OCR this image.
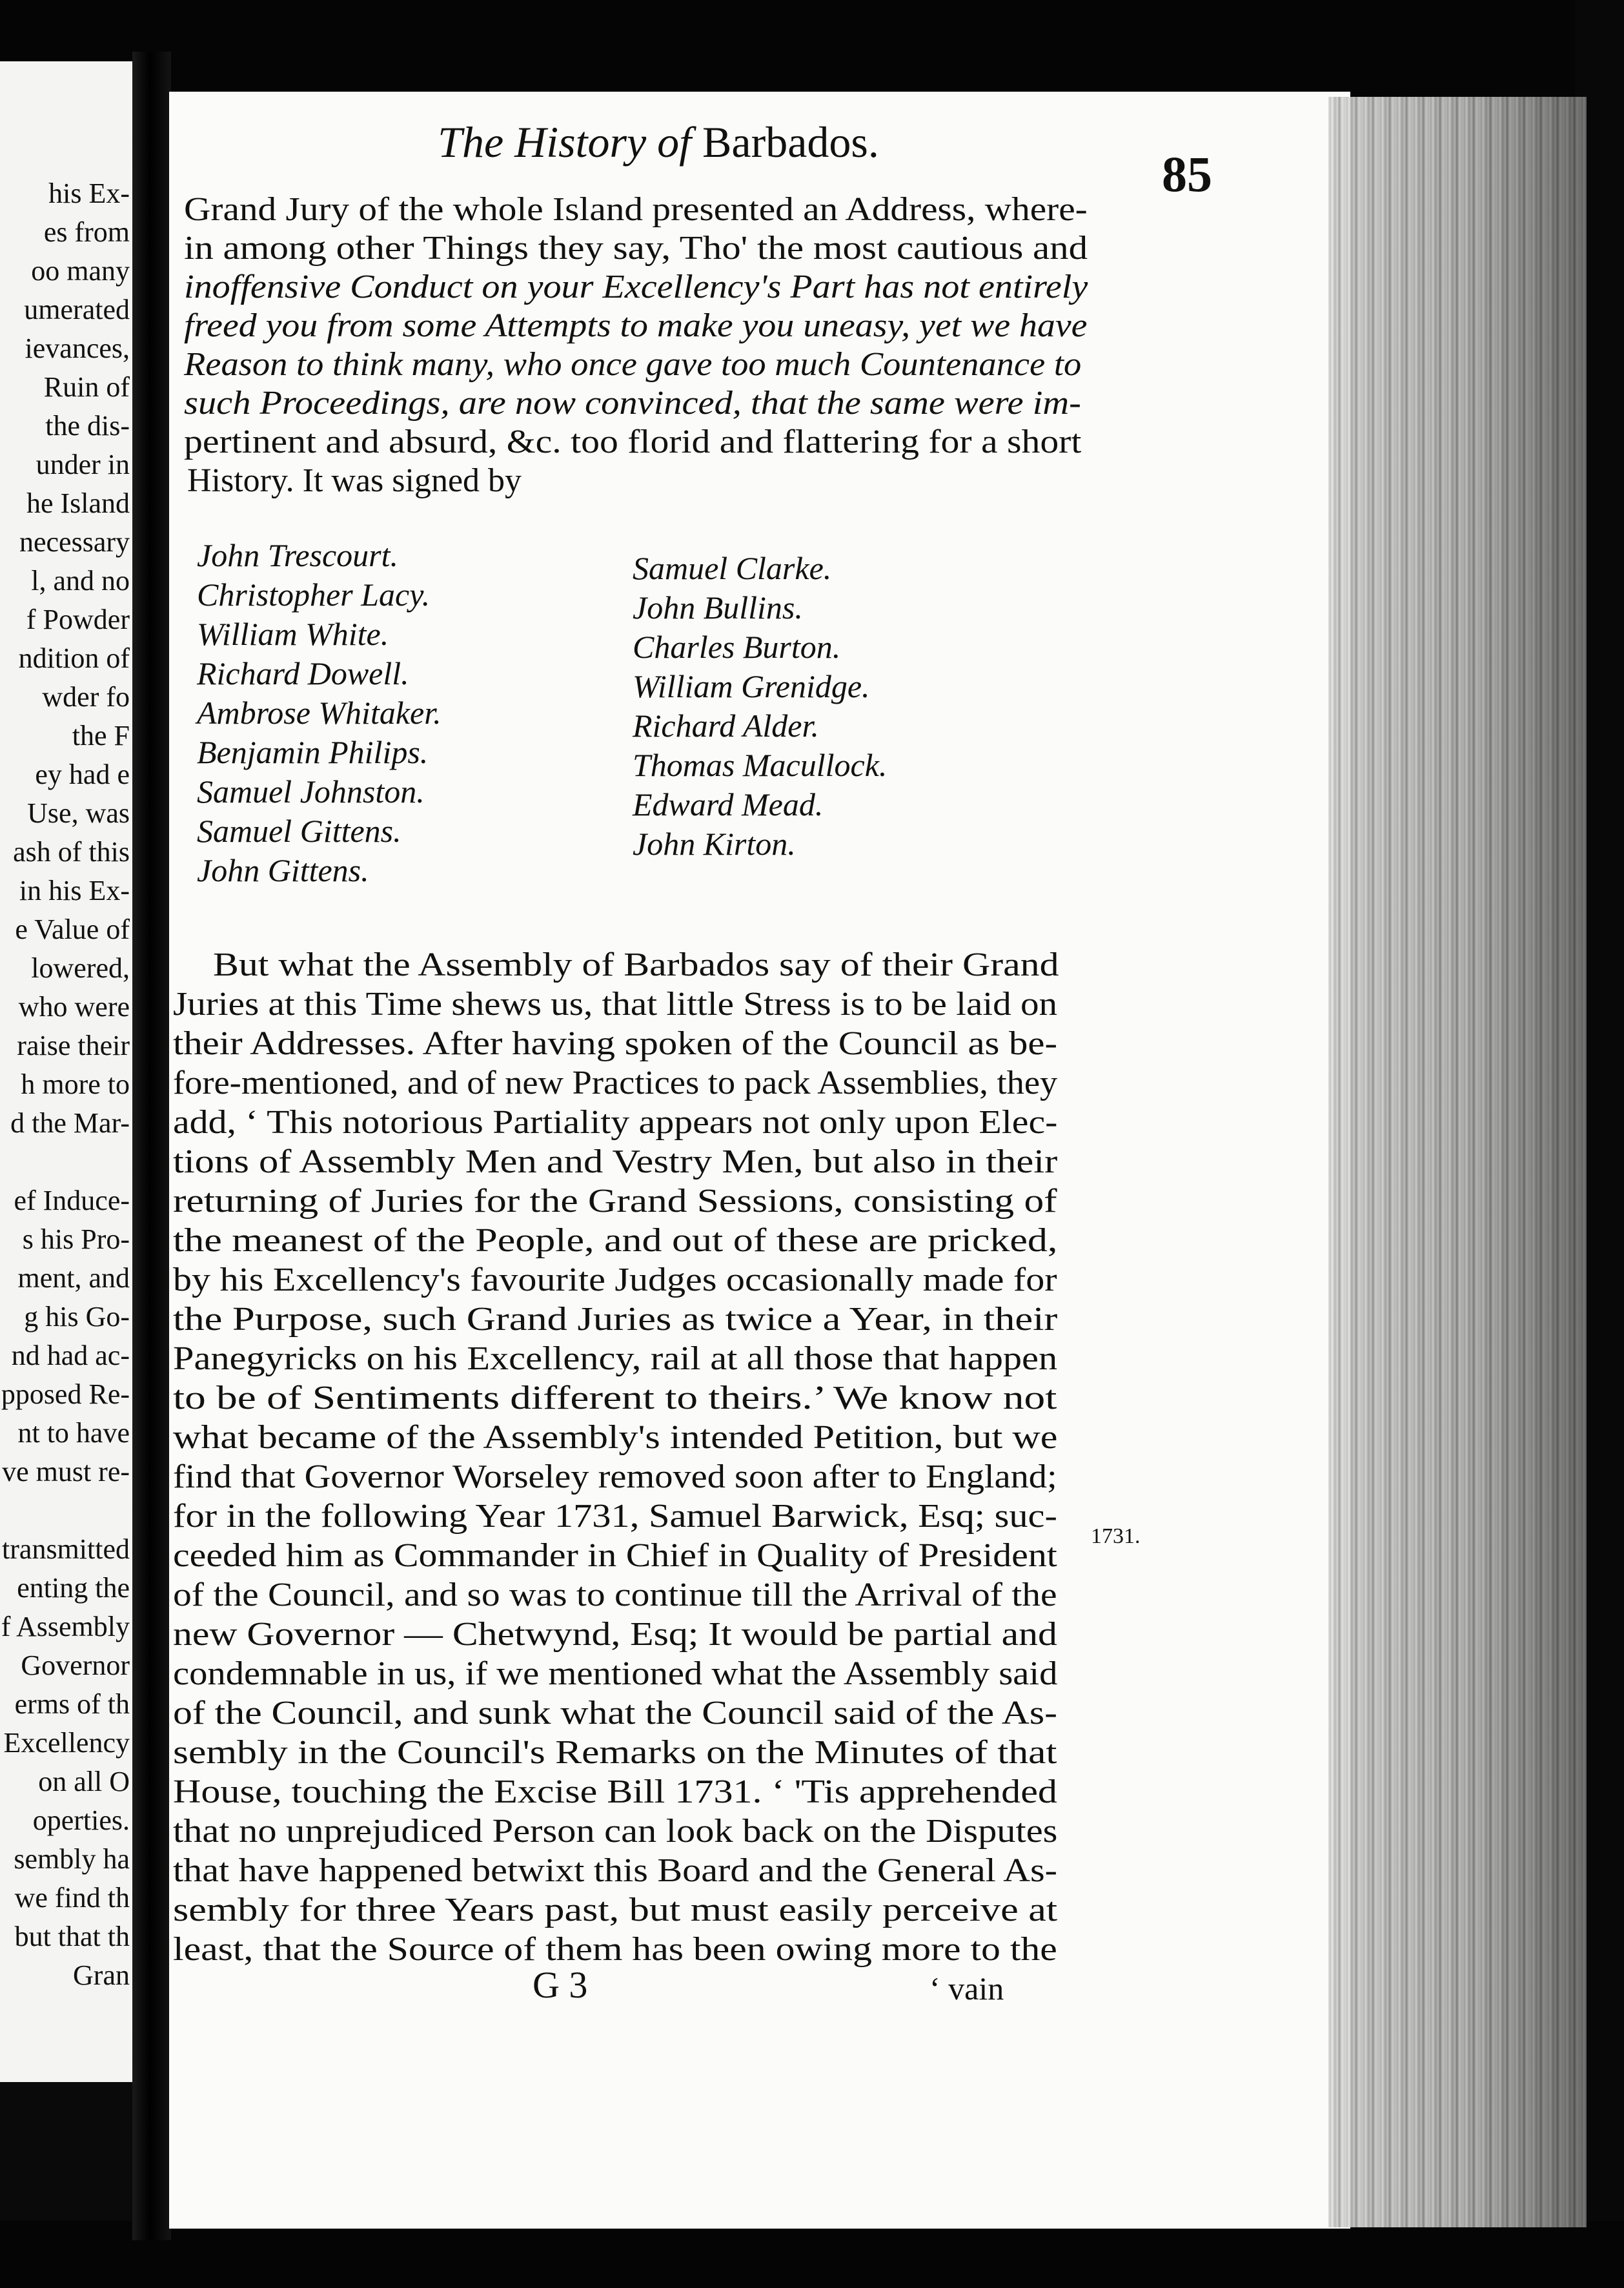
his Ex-
es from
oo many
umerated
ievances,
Ruin of
the dis-
under in
he Island
necessary
l, and no
f Powder
ndition of
wder fo
the F
ey had e
Use, was
ash of this
in his Ex-
e Value of
lowered,
who were
raise their
h more to
d the Mar-
ef Induce-
s his Pro-
ment, and
g his Go-
nd had ac-
pposed Re-
nt to have
ve must re-
transmitted
enting the
f Assembly
Governor
erms of th
Excellency
on all O
operties.
sembly ha
we find th
but that th
Gran
The History of Barbados.
85
Grand Jury of the whole Island presented an Address, where-
in among other Things they say, Tho' the most cautious and
inoffensive Conduct on your Excellency's Part has not entirely
freed you from some Attempts to make you uneasy, yet we have
Reason to think many, who once gave too much Countenance to
such Proceedings, are now convinced, that the same were im-
pertinent and absurd, &c. too florid and flattering for a short
History. It was signed by
John Trescourt.
Christopher Lacy.
William White.
Richard Dowell.
Ambrose Whitaker.
Benjamin Philips.
Samuel Johnston.
Samuel Gittens.
John Gittens.
Samuel Clarke.
John Bullins.
Charles Burton.
William Grenidge.
Richard Alder.
Thomas Macullock.
Edward Mead.
John Kirton.
But what the Assembly of Barbados say of their Grand
Juries at this Time shews us, that little Stress is to be laid on
their Addresses. After having spoken of the Council as be-
fore-mentioned, and of new Practices to pack Assemblies, they
add, ‘ This notorious Partiality appears not only upon Elec-
tions of Assembly Men and Vestry Men, but also in their
returning of Juries for the Grand Sessions, consisting of
the meanest of the People, and out of these are pricked,
by his Excellency's favourite Judges occasionally made for
the Purpose, such Grand Juries as twice a Year, in their
Panegyricks on his Excellency, rail at all those that happen
to be of Sentiments different to theirs.’ We know not
what became of the Assembly's intended Petition, but we
find that Governor Worseley removed soon after to England;
for in the following Year 1731, Samuel Barwick, Esq; suc-
ceeded him as Commander in Chief in Quality of President
of the Council, and so was to continue till the Arrival of the
new Governor — Chetwynd, Esq; It would be partial and
condemnable in us, if we mentioned what the Assembly said
of the Council, and sunk what the Council said of the As-
sembly in the Council's Remarks on the Minutes of that
House, touching the Excise Bill 1731. ‘ 'Tis apprehended
that no unprejudiced Person can look back on the Disputes
that have happened betwixt this Board and the General As-
sembly for three Years past, but must easily perceive at
least, that the Source of them has been owing more to the
1731.
G 3	‘ vain
